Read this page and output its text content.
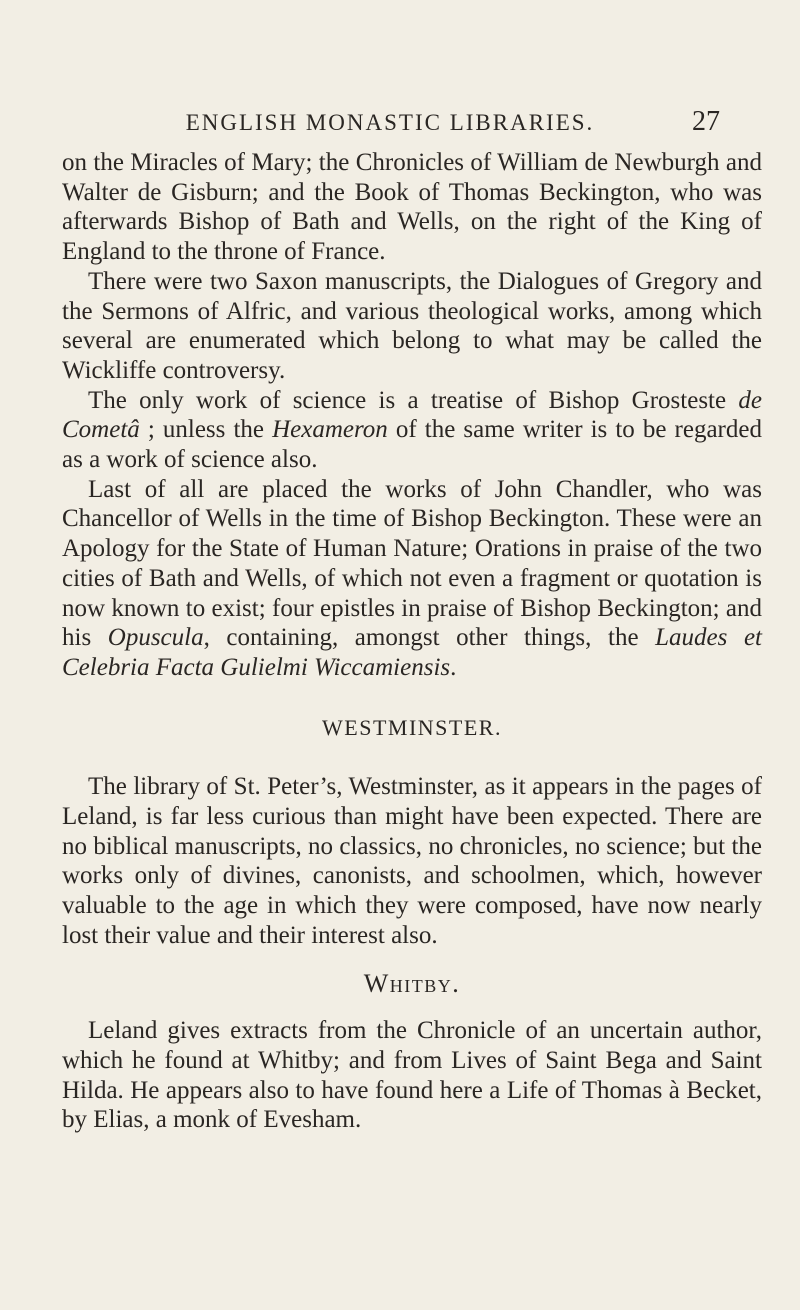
ENGLISH MONASTIC LIBRARIES.	27

on the Miracles of Mary; the Chronicles of William de Newburgh and Walter de Gisburn; and the Book of Thomas Beckington, who was afterwards Bishop of Bath and Wells, on the right of the King of England to the throne of France.

There were two Saxon manuscripts, the Dialogues of Gregory and the Sermons of Alfric, and various theological works, among which several are enumerated which belong to what may be called the Wickliffe controversy.

The only work of science is a treatise of Bishop Grosteste de Cometâ ; unless the Hexameron of the same writer is to be regarded as a work of science also.

Last of all are placed the works of John Chandler, who was Chancellor of Wells in the time of Bishop Beckington. These were an Apology for the State of Human Nature; Orations in praise of the two cities of Bath and Wells, of which not even a fragment or quotation is now known to exist; four epistles in praise of Bishop Beckington; and his Opuscula, containing, amongst other things, the Laudes et Celebria Facta Gulielmi Wiccamiensis.

WESTMINSTER.

The library of St. Peter’s, Westminster, as it appears in the pages of Leland, is far less curious than might have been expected. There are no biblical manuscripts, no classics, no chronicles, no science; but the works only of divines, canonists, and schoolmen, which, however valuable to the age in which they were composed, have now nearly lost their value and their interest also.

Whitby.

Leland gives extracts from the Chronicle of an uncertain author, which he found at Whitby; and from Lives of Saint Bega and Saint Hilda. He appears also to have found here a Life of Thomas à Becket, by Elias, a monk of Evesham.
